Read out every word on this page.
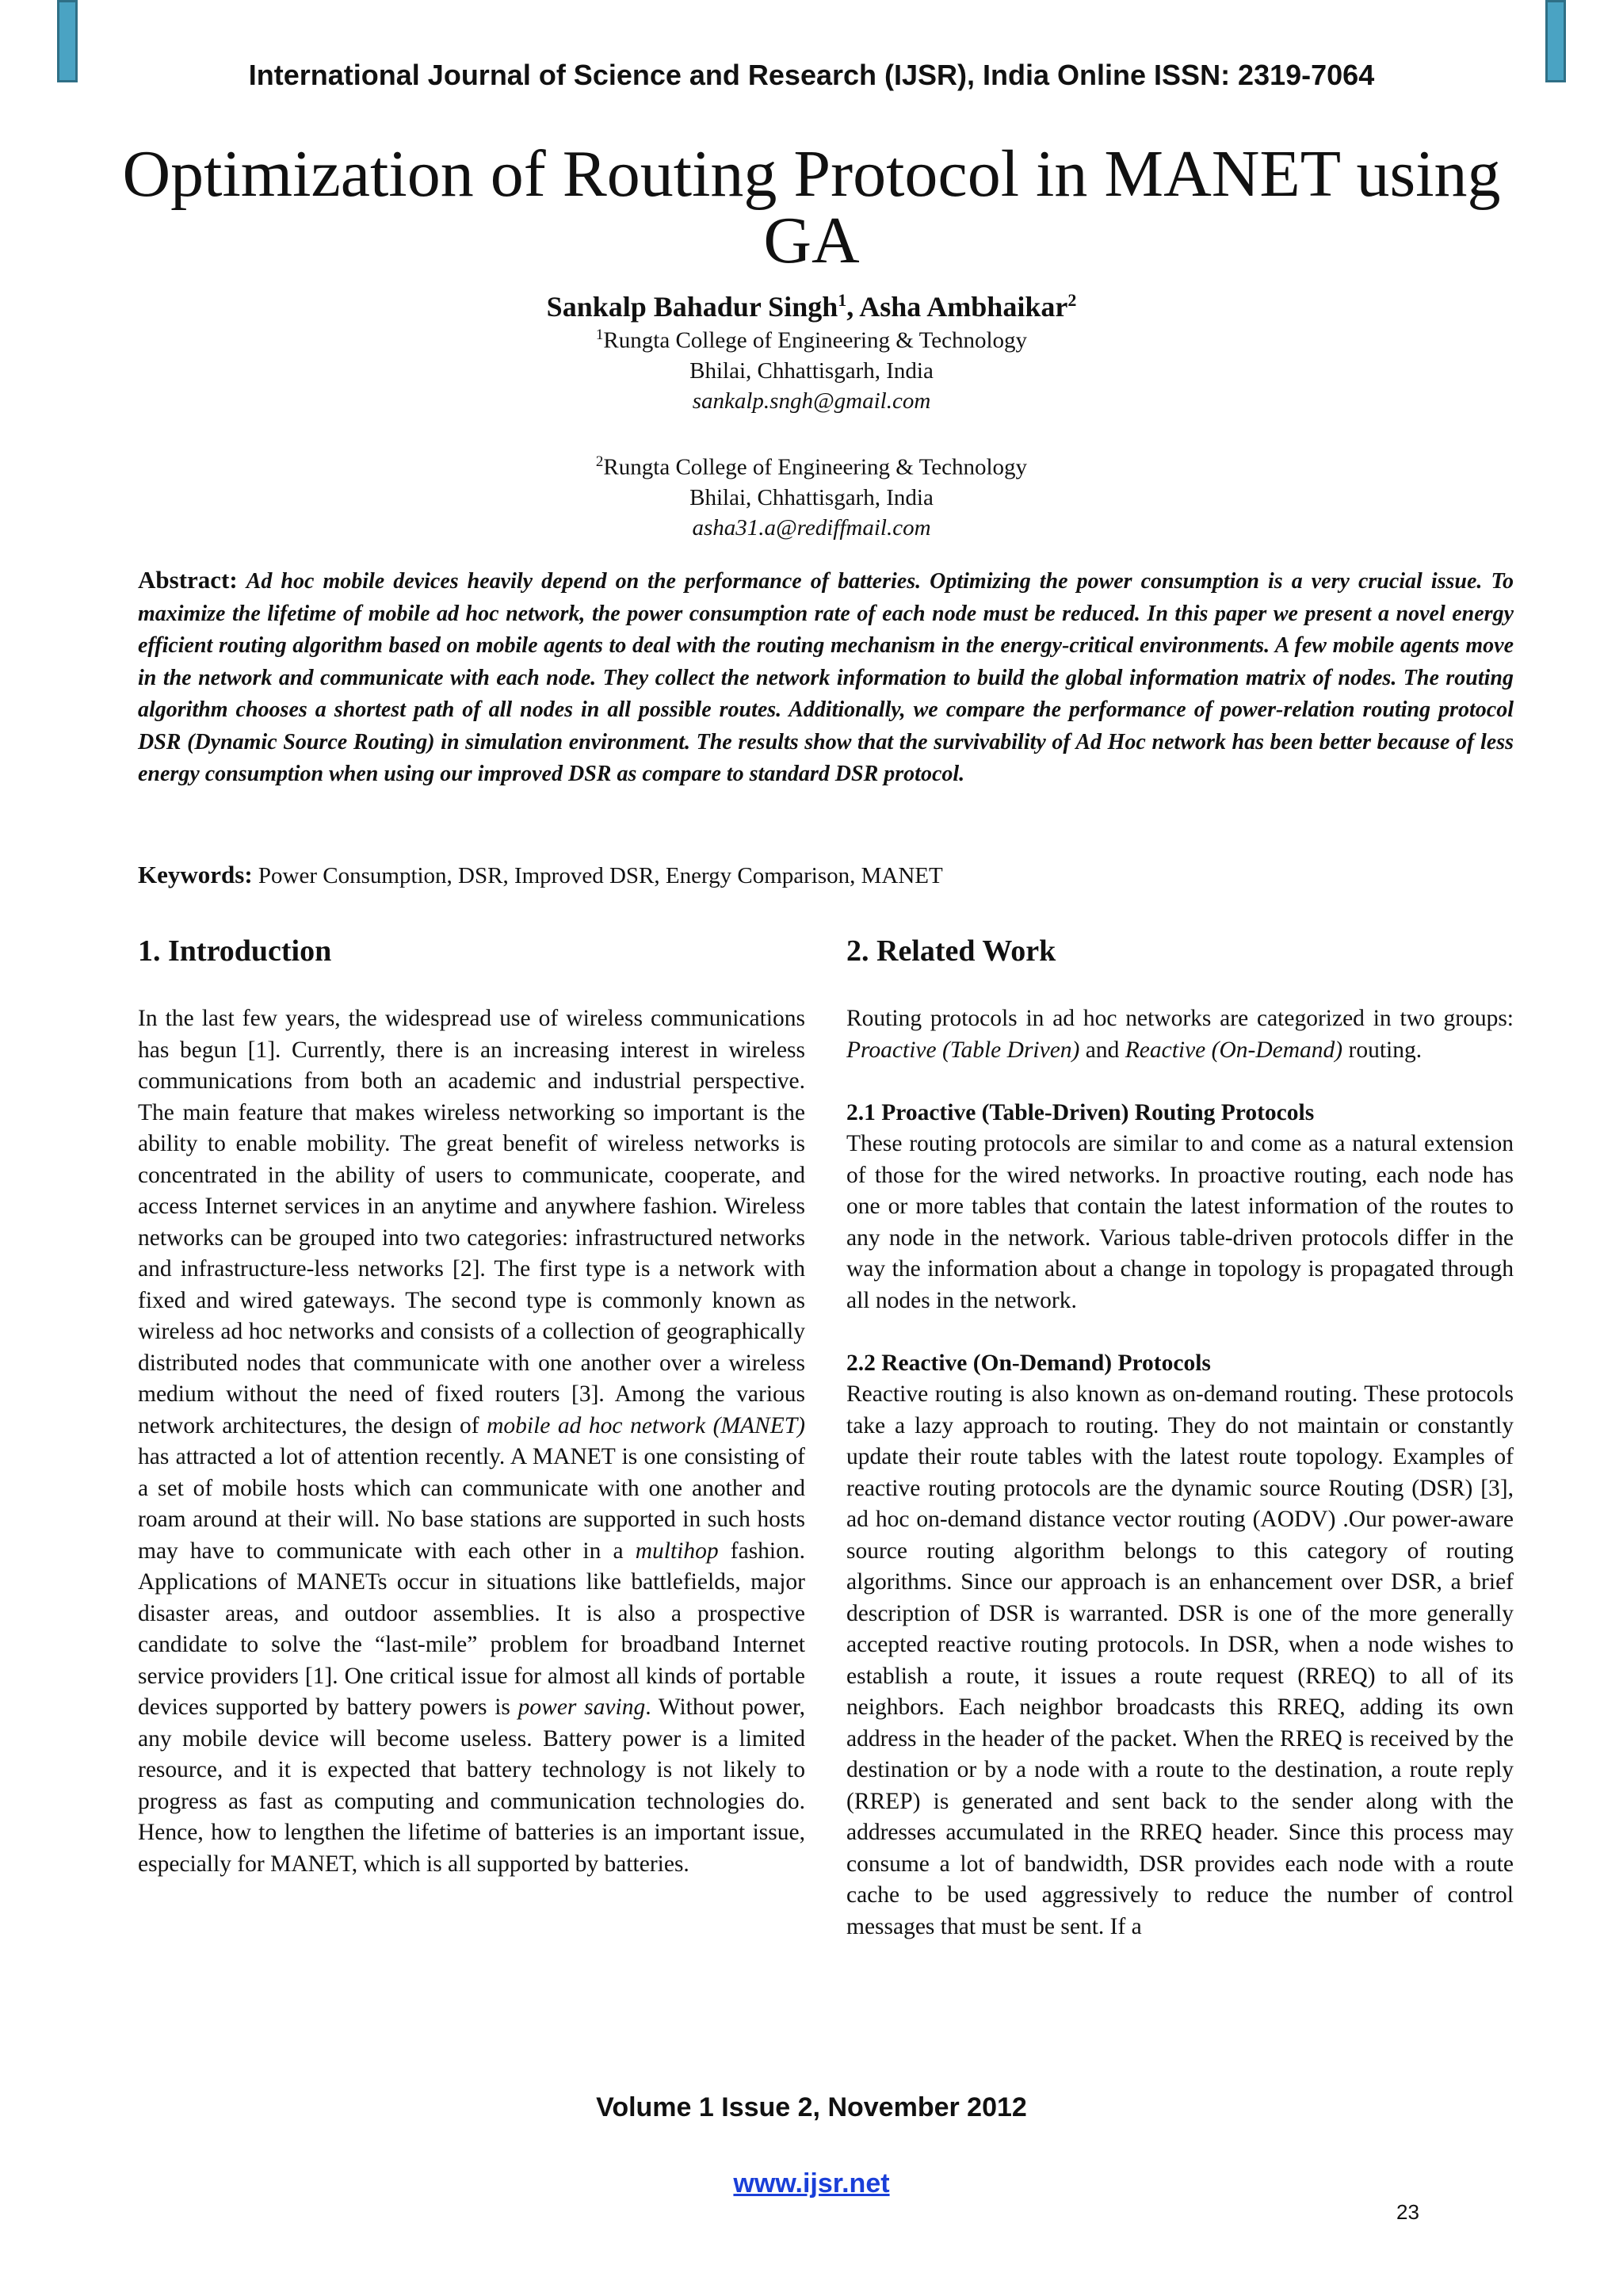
International Journal of Science and Research (IJSR), India Online ISSN: 2319-7064
Optimization of Routing Protocol in MANET using GA

Sankalp Bahadur Singh$^1$, Asha Ambhaikar$^2$

$^1$Rungta College of Engineering & Technology
Bhilai, Chhattisgarh, India
sankalp.sngh@gmail.com
$^2$Rungta College of Engineering & Technology
Bhilai, Chhattisgarh, India
asha31.a@rediffmail.com

Abstract: Ad hoc mobile devices heavily depend on the performance of batteries. Optimizing the power consumption is a very crucial issue. To maximize the lifetime of mobile ad hoc network, the power consumption rate of each node must be reduced. In this paper we present a novel energy efficient routing algorithm based on mobile agents to deal with the routing mechanism in the energy-critical environments. A few mobile agents move in the network and communicate with each node. They collect the network information to build the global information matrix of nodes. The routing algorithm chooses a shortest path of all nodes in all possible routes. Additionally, we compare the performance of power-relation routing protocol DSR (Dynamic Source Routing) in simulation environment. The results show that the survivability of Ad Hoc network has been better because of less energy consumption when using our improved DSR as compare to standard DSR protocol.

Keywords: Power Consumption, DSR, Improved DSR, Energy Comparison, MANET

1. Introduction

In the last few years, the widespread use of wireless communications has begun [1]. Currently, there is an increasing interest in wireless communications from both an academic and industrial perspective. The main feature that makes wireless networking so important is the ability to enable mobility. The great benefit of wireless networks is concentrated in the ability of users to communicate, cooperate, and access Internet services in an anytime and anywhere fashion. Wireless networks can be grouped into two categories: infrastructured networks and infrastructure-less networks [2]. The first type is a network with fixed and wired gateways. The second type is commonly known as wireless ad hoc networks and consists of a collection of geographically distributed nodes that communicate with one another over a wireless medium without the need of fixed routers [3]. Among the various network architectures, the design of mobile ad hoc network (MANET) has attracted a lot of attention recently. A MANET is one consisting of a set of mobile hosts which can communicate with one another and roam around at their will. No base stations are supported in such hosts may have to communicate with each other in a multihop fashion. Applications of MANETs occur in situations like battlefields, major disaster areas, and outdoor assemblies. It is also a prospective candidate to solve the “last-mile” problem for broadband Internet service providers [1]. One critical issue for almost all kinds of portable devices supported by battery powers is power saving. Without power, any mobile device will become useless. Battery power is a limited resource, and it is expected that battery technology is not likely to progress as fast as computing and communication technologies do. Hence, how to lengthen the lifetime of batteries is an important issue, especially for MANET, which is all supported by batteries.

2. Related Work

Routing protocols in ad hoc networks are categorized in two groups: Proactive (Table Driven) and Reactive (On-Demand) routing.

2.1 Proactive (Table-Driven) Routing Protocols

These routing protocols are similar to and come as a natural extension of those for the wired networks. In proactive routing, each node has one or more tables that contain the latest information of the routes to any node in the network. Various table-driven protocols differ in the way the information about a change in topology is propagated through all nodes in the network.

2.2 Reactive (On-Demand) Protocols

Reactive routing is also known as on-demand routing. These protocols take a lazy approach to routing. They do not maintain or constantly update their route tables with the latest route topology. Examples of reactive routing protocols are the dynamic source Routing (DSR) [3], ad hoc on-demand distance vector routing (AODV) .Our power-aware source routing algorithm belongs to this category of routing algorithms. Since our approach is an enhancement over DSR, a brief description of DSR is warranted. DSR is one of the more generally accepted reactive routing protocols. In DSR, when a node wishes to establish a route, it issues a route request (RREQ) to all of its neighbors. Each neighbor broadcasts this RREQ, adding its own address in the header of the packet. When the RREQ is received by the destination or by a node with a route to the destination, a route reply (RREP) is generated and sent back to the sender along with the addresses accumulated in the RREQ header. Since this process may consume a lot of bandwidth, DSR provides each node with a route cache to be used aggressively to reduce the number of control messages that must be sent. If a

Volume 1 Issue 2, November 2012

www.ijsr.net

23
